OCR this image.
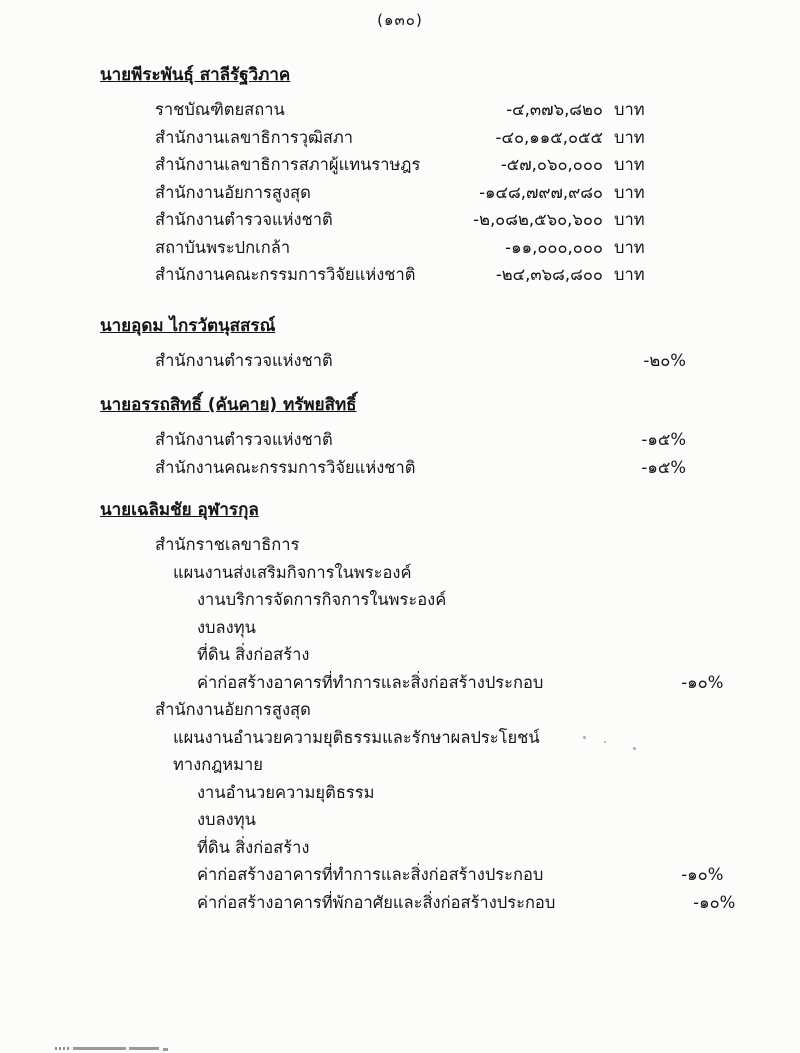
(๑๓๐)
นายพีระพันธุ์ สาลีรัฐวิภาค
ราชบัณฑิตยสถาน	-๔,๓๗๖,๘๒๐ บาท
สำนักงานเลขาธิการวุฒิสภา	-๔๐,๑๑๕,๐๕๕ บาท
สำนักงานเลขาธิการสภาผู้แทนราษฎร	-๕๗,๐๖๐,๐๐๐ บาท
สำนักงานอัยการสูงสุด	-๑๔๘,๗๙๗,๙๘๐ บาท
สำนักงานตำรวจแห่งชาติ	-๒,๐๘๒,๕๖๐,๖๐๐ บาท
สถาบันพระปกเกล้า	-๑๑,๐๐๐,๐๐๐ บาท
สำนักงานคณะกรรมการวิจัยแห่งชาติ	-๒๔,๓๖๘,๘๐๐ บาท
นายอุดม ไกรวัตนุสสรณ์
สำนักงานตำรวจแห่งชาติ	-๒๐%
นายอรรถสิทธิ์ (คันคาย) ทรัพยสิทธิ์
สำนักงานตำรวจแห่งชาติ	-๑๕%
สำนักงานคณะกรรมการวิจัยแห่งชาติ	-๑๕%
นายเฉลิมชัย อุฬารกุล
สำนักราชเลขาธิการ
แผนงานส่งเสริมกิจการในพระองค์
งานบริการจัดการกิจการในพระองค์
งบลงทุน
ที่ดิน สิ่งก่อสร้าง
ค่าก่อสร้างอาคารที่ทำการและสิ่งก่อสร้างประกอบ	-๑๐%
สำนักงานอัยการสูงสุด
แผนงานอำนวยความยุติธรรมและรักษาผลประโยชน์
ทางกฎหมาย
งานอำนวยความยุติธรรม
งบลงทุน
ที่ดิน สิ่งก่อสร้าง
ค่าก่อสร้างอาคารที่ทำการและสิ่งก่อสร้างประกอบ	-๑๐%
ค่าก่อสร้างอาคารที่พักอาศัยและสิ่งก่อสร้างประกอบ	-๑๐%
